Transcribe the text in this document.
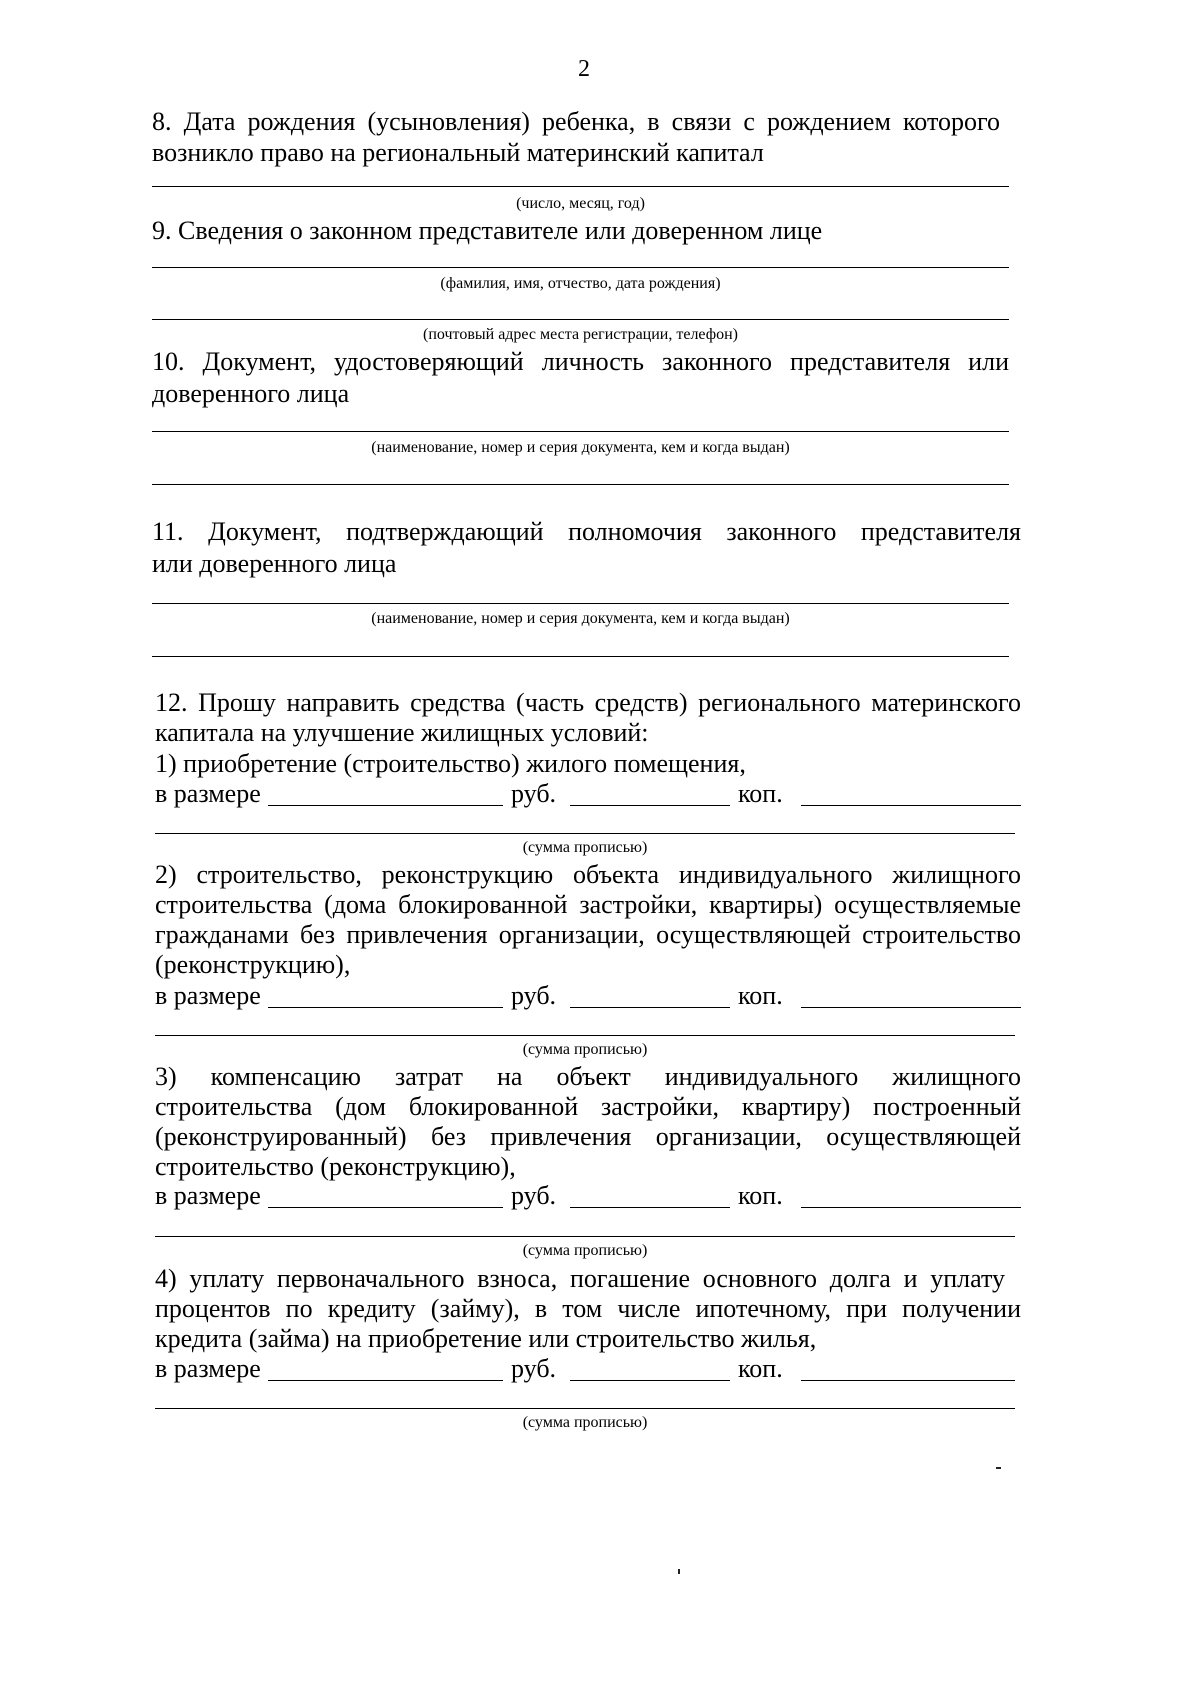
2
8. Дата рождения (усыновления) ребенка, в связи с рождением которого
возникло право на региональный материнский капитал
(число, месяц, год)
9. Сведения о законном представителе или доверенном лице
(фамилия, имя, отчество, дата рождения)
(почтовый адрес места регистрации, телефон)
10. Документ, удостоверяющий личность законного представителя или
доверенного лица
(наименование, номер и серия документа, кем и когда выдан)
11. Документ, подтверждающий полномочия законного представителя
или доверенного лица
(наименование, номер и серия документа, кем и когда выдан)
12. Прошу направить средства (часть средств) регионального материнского
капитала на улучшение жилищных условий:
1) приобретение (строительство) жилого помещения,
в размере	руб.	коп.
(сумма прописью)
2) строительство, реконструкцию объекта индивидуального жилищного
строительства (дома блокированной застройки, квартиры) осуществляемые
гражданами без привлечения организации, осуществляющей строительство
(реконструкцию),
в размере	руб.	коп.
(сумма прописью)
3) компенсацию затрат на объект индивидуального жилищного
строительства (дом блокированной застройки, квартиру) построенный
(реконструированный) без привлечения организации, осуществляющей
строительство (реконструкцию),
в размере	руб.	коп.
(сумма прописью)
4) уплату первоначального взноса, погашение основного долга и уплату
процентов по кредиту (займу), в том числе ипотечному, при получении
кредита (займа) на приобретение или строительство жилья,
в размере	руб.	коп.
(сумма прописью)
